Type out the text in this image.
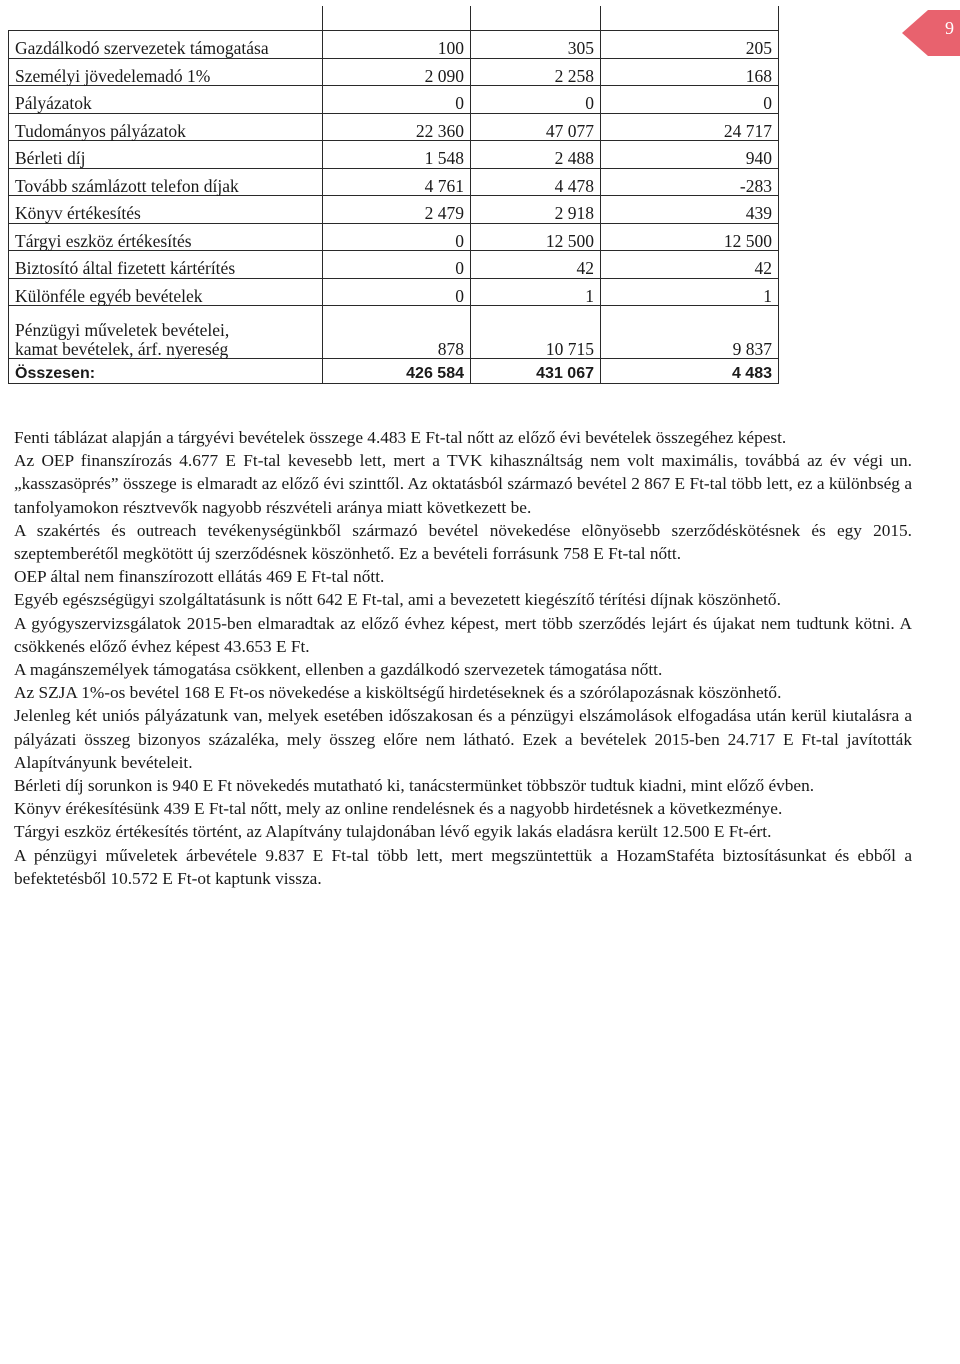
Gazdálkodó szervezetek támogatása	100	305	205

Személyi jövedelemadó 1%	2 090	2 258	168

Pályázatok	0	0	0

Tudományos pályázatok	22 360	47 077	24 717

Bérleti díj	1 548	2 488	940

Tovább számlázott telefon díjak	4 761	4 478	-283

Könyv értékesítés	2 479	2 918	439

Tárgyi eszköz értékesítés	0	12 500	12 500

Biztosító által fizetett kártérítés	0	42	42

Különféle egyéb bevételek	0	1	1

Pénzügyi műveletek bevételei,
kamat bevételek, árf. nyereség	878	10 715	9 837
Összesen:	426 584	431 067	4 483
9

Fenti táblázat alapján a tárgyévi bevételek összege 4.483 E Ft-tal nőtt az előző évi bevételek összegéhez képest.

Az OEP finanszírozás 4.677 E Ft-tal kevesebb lett, mert a TVK kihasználtság nem volt maximális, továbbá az év végi un. „kasszasöprés” összege is elmaradt az előző évi szinttől. Az oktatásból származó bevétel 2 867 E Ft-tal több lett, ez a különbség a tanfolyamokon résztvevők nagyobb részvételi aránya miatt következett be.

A szakértés és outreach tevékenységünkből származó bevétel növekedése elõnyösebb szerződéskötésnek és egy 2015. szeptemberétől megkötött új szerződésnek köszönhető. Ez a bevételi forrásunk 758 E Ft-tal nőtt.

OEP által nem finanszírozott ellátás 469 E Ft-tal nőtt.

Egyéb egészségügyi szolgáltatásunk is nőtt 642 E Ft-tal, ami a bevezetett kiegészítő térítési díjnak köszönhető.

A gyógyszervizsgálatok 2015-ben elmaradtak az előző évhez képest, mert több szerződés lejárt és újakat nem tudtunk kötni. A csökkenés előző évhez képest 43.653 E Ft.

A magánszemélyek támogatása csökkent, ellenben a gazdálkodó szervezetek támogatása nőtt.

Az SZJA 1%-os bevétel 168 E Ft-os növekedése a kisköltségű hirdetéseknek és a szórólapozásnak köszönhető.

Jelenleg két uniós pályázatunk van, melyek esetében időszakosan és a pénzügyi elszámolások elfogadása után kerül kiutalásra a pályázati összeg bizonyos százaléka, mely összeg előre nem látható. Ezek a bevételek 2015-ben 24.717 E Ft-tal javították Alapítványunk bevételeit.

Bérleti díj sorunkon is 940 E Ft növekedés mutatható ki, tanácstermünket többször tudtuk kiadni, mint előző évben.

Könyv érékesítésünk 439 E Ft-tal nőtt, mely az online rendelésnek és a nagyobb hirdetésnek a következménye.

Tárgyi eszköz értékesítés történt, az Alapítvány tulajdonában lévő egyik lakás eladásra került 12.500 E Ft-ért.

A pénzügyi műveletek árbevétele 9.837 E Ft-tal több lett, mert megszüntettük a HozamStaféta biztosításunkat és ebből a befektetésből 10.572 E Ft-ot kaptunk vissza.
